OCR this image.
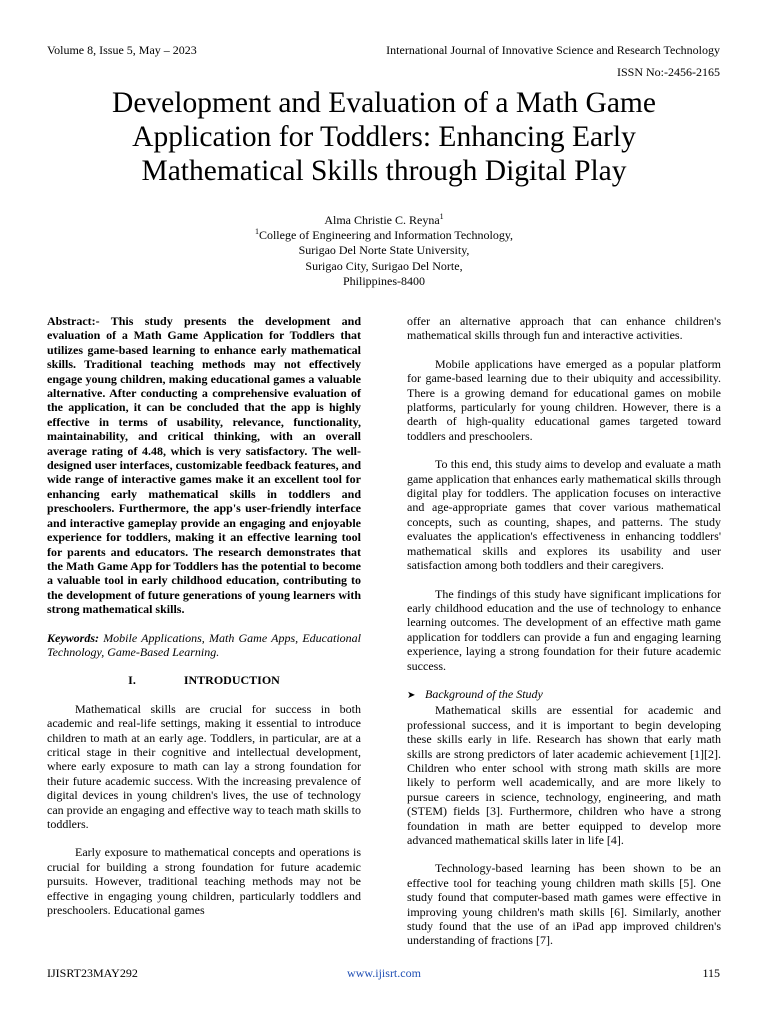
Volume 8, Issue 5, May – 2023	International Journal of Innovative Science and Research Technology
ISSN No:-2456-2165
Development and Evaluation of a Math Game
Application for Toddlers: Enhancing Early
Mathematical Skills through Digital Play
Alma Christie C. Reyna$^1$
$^1$College of Engineering and Information Technology,
Surigao Del Norte State University,
Surigao City, Surigao Del Norte,
Philippines-8400

Abstract:- This study presents the development and evaluation of a Math Game Application for Toddlers that utilizes game-based learning to enhance early mathematical skills. Traditional teaching methods may not effectively engage young children, making educational games a valuable alternative. After conducting a comprehensive evaluation of the application, it can be concluded that the app is highly effective in terms of usability, relevance, functionality, maintainability, and critical thinking, with an overall average rating of 4.48, which is very satisfactory. The well-designed user interfaces, customizable feedback features, and wide range of interactive games make it an excellent tool for enhancing early mathematical skills in toddlers and preschoolers. Furthermore, the app's user-friendly interface and interactive gameplay provide an engaging and enjoyable experience for toddlers, making it an effective learning tool for parents and educators. The research demonstrates that the Math Game App for Toddlers has the potential to become a valuable tool in early childhood education, contributing to the development of future generations of young learners with strong mathematical skills.

Keywords: Mobile Applications, Math Game Apps, Educational Technology, Game-Based Learning.

I.	INTRODUCTION

Mathematical skills are crucial for success in both academic and real-life settings, making it essential to introduce children to math at an early age. Toddlers, in particular, are at a critical stage in their cognitive and intellectual development, where early exposure to math can lay a strong foundation for their future academic success. With the increasing prevalence of digital devices in young children's lives, the use of technology can provide an engaging and effective way to teach math skills to toddlers.

Early exposure to mathematical concepts and operations is crucial for building a strong foundation for future academic pursuits. However, traditional teaching methods may not be effective in engaging young children, particularly toddlers and preschoolers. Educational games

offer an alternative approach that can enhance children's mathematical skills through fun and interactive activities.

Mobile applications have emerged as a popular platform for game-based learning due to their ubiquity and accessibility. There is a growing demand for educational games on mobile platforms, particularly for young children. However, there is a dearth of high-quality educational games targeted toward toddlers and preschoolers.

To this end, this study aims to develop and evaluate a math game application that enhances early mathematical skills through digital play for toddlers. The application focuses on interactive and age-appropriate games that cover various mathematical concepts, such as counting, shapes, and patterns. The study evaluates the application's effectiveness in enhancing toddlers' mathematical skills and explores its usability and user satisfaction among both toddlers and their caregivers.

The findings of this study have significant implications for early childhood education and the use of technology to enhance learning outcomes. The development of an effective math game application for toddlers can provide a fun and engaging learning experience, laying a strong foundation for their future academic success.

➤ Background of the Study

Mathematical skills are essential for academic and professional success, and it is important to begin developing these skills early in life. Research has shown that early math skills are strong predictors of later academic achievement [1][2]. Children who enter school with strong math skills are more likely to perform well academically, and are more likely to pursue careers in science, technology, engineering, and math (STEM) fields [3]. Furthermore, children who have a strong foundation in math are better equipped to develop more advanced mathematical skills later in life [4].

Technology-based learning has been shown to be an effective tool for teaching young children math skills [5]. One study found that computer-based math games were effective in improving young children's math skills [6]. Similarly, another study found that the use of an iPad app improved children's understanding of fractions [7].

IJISRT23MAY292	www.ijisrt.com	115
